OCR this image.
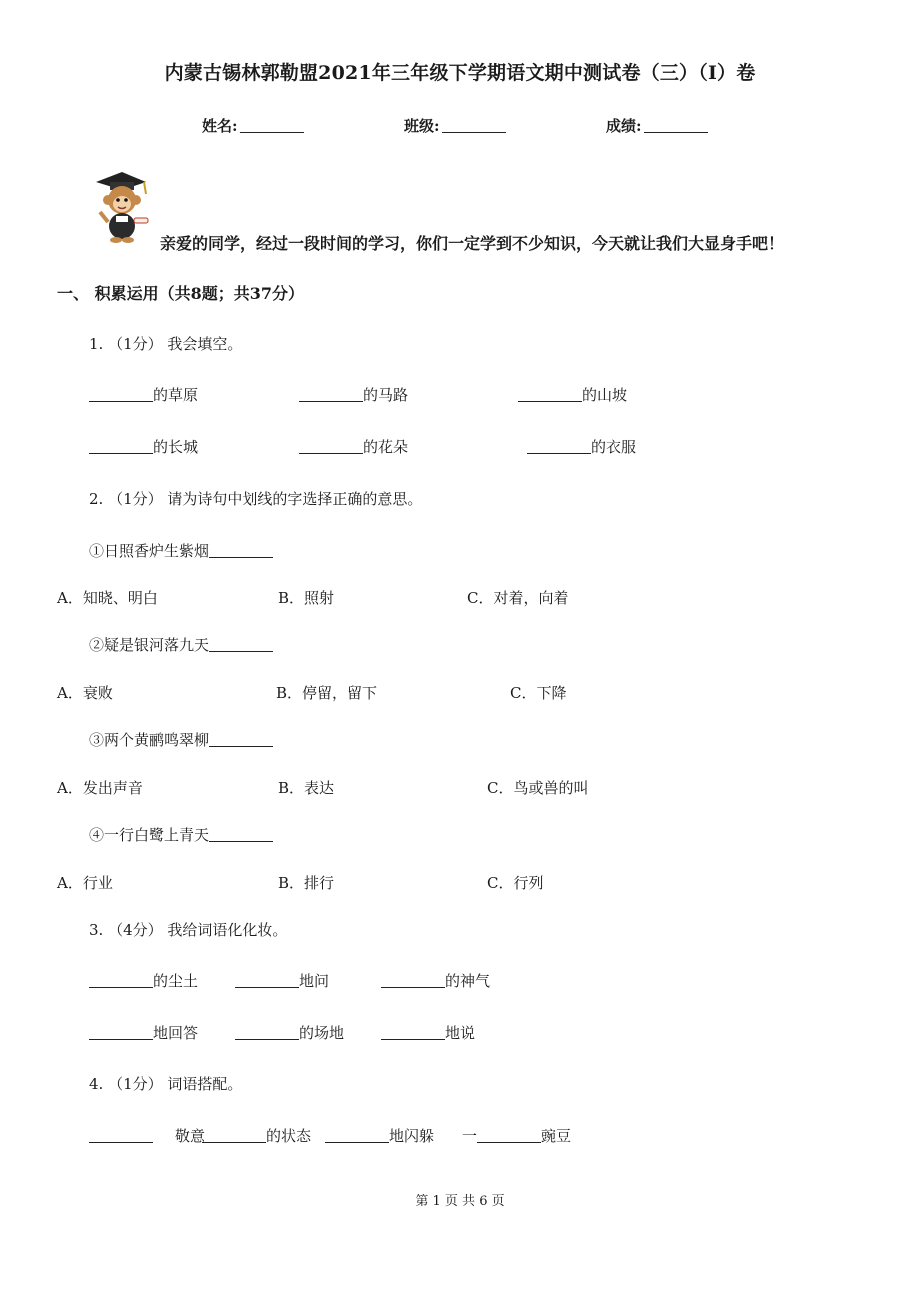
内蒙古锡林郭勒盟2021年三年级下学期语文期中测试卷（三）（I）卷
姓名:	班级:	成绩:
亲爱的同学，经过一段时间的学习，你们一定学到不少知识，今天就让我们大显身手吧！
一、 积累运用（共8题；共37分）
1. （1分） 我会填空。
的草原	的马路	的山坡
的长城	的花朵	的衣服
2. （1分） 请为诗句中划线的字选择正确的意思。
①日照香炉生紫烟
A．知晓、明白	B．照射	C．对着，向着
②疑是银河落九天
A．衰败	B．停留，留下	C．下降
③两个黄鹂鸣翠柳
A．发出声音	B．表达	C．鸟或兽的叫
④一行白鹭上青天
A．行业	B．排行	C．行列
3. （4分） 我给词语化化妆。
的尘土	地问	的神气
地回答	的场地	地说
4. （1分） 词语搭配。
敬意	的状态	地闪躲 一	豌豆
第 1 页 共 6 页
